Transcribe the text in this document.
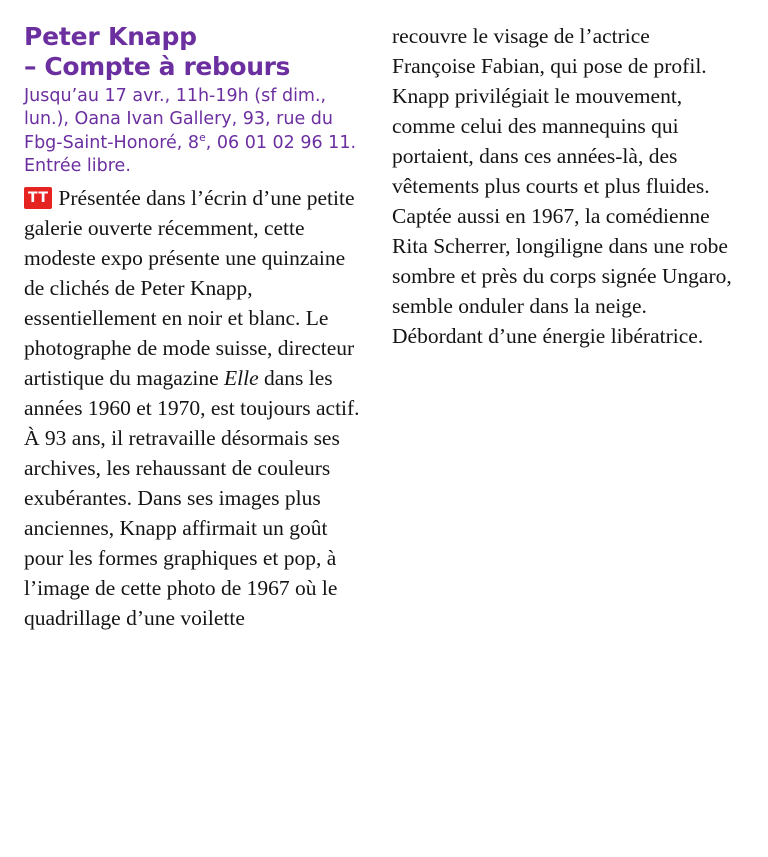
Peter Knapp
– Compte à rebours
Jusqu’au 17 avr., 11h-19h (sf dim., lun.), Oana Ivan Gallery, 93, rue du Fbg-Saint-Honoré, 8e, 06 01 02 96 11. Entrée libre.
TT Présentée dans l’écrin d’une petite galerie ouverte récemment, cette modeste expo présente une quinzaine de clichés de Peter Knapp, essentiellement en noir et blanc. Le photographe de mode suisse, directeur artistique du magazine Elle dans les années 1960 et 1970, est toujours actif. À 93 ans, il retravaille désormais ses archives, les rehaussant de couleurs exubérantes. Dans ses images plus anciennes, Knapp affirmait un goût pour les formes graphiques et pop, à l’image de cette photo de 1967 où le quadrillage d’une voilette
recouvre le visage de l’actrice Françoise Fabian, qui pose de profil. Knapp privilégiait le mouvement, comme celui des mannequins qui portaient, dans ces années-là, des vêtements plus courts et plus fluides. Captée aussi en 1967, la comédienne Rita Scherrer, longiligne dans une robe sombre et près du corps signée Ungaro, semble onduler dans la neige. Débordant d’une énergie libératrice.
